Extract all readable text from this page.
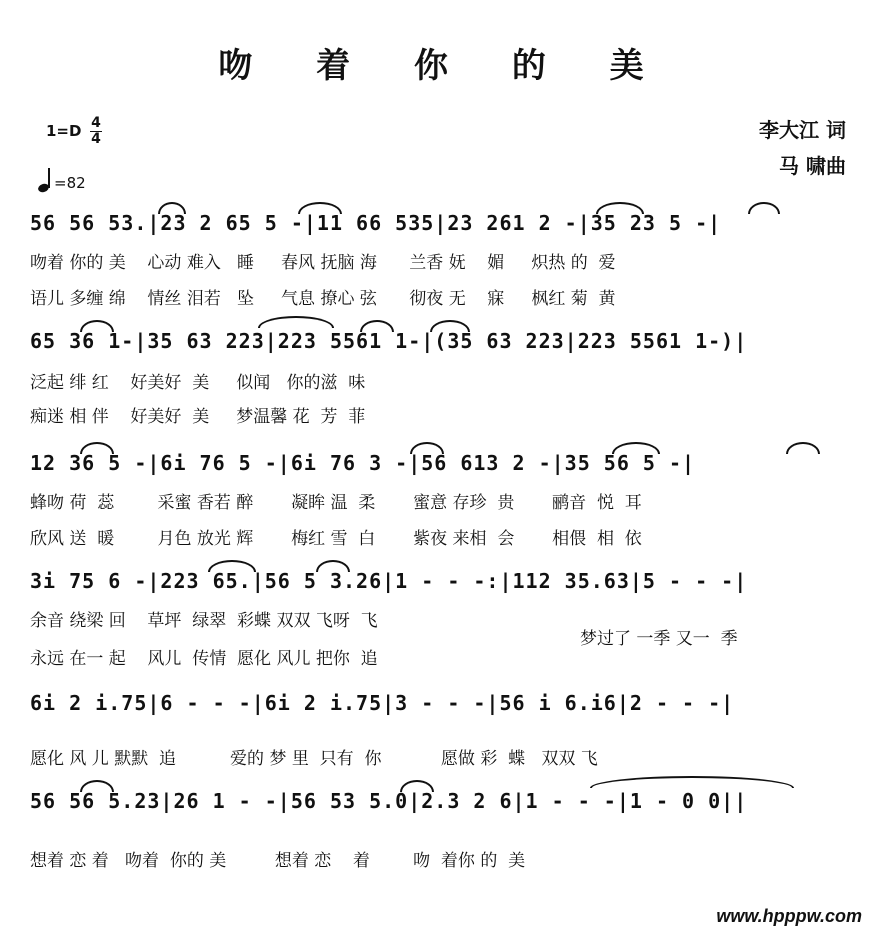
吻 着 你 的 美
1=D 4
4
=82
李大江 词
马 啸曲
56 56 53.|23 2 65 5 -|11 66 535|23 261 2 -|35 23 5 -|
吻着 你的 美    心动 难入   睡     春风 抚脑 海      兰香 妩    媚     炽热 的  爱
语儿 多缠 绵    情丝 泪若   坠     气息 撩心 弦      彻夜 无    寐     枫红 菊  黄
65 36 1-|35 63 223|223 5561 1-|(35 63 223|223 5561 1-)|
泛起 绯 红    好美好  美     似闻   你的滋  味
痴迷 相 伴    好美好  美     梦温馨 花  芳  菲
12 36 5 -|6i 76 5 -|6i 76 3 -|56 613 2 -|35 56 5 -|
蜂吻 荷  蕊        采蜜 香若 醉       凝眸 温  柔       蜜意 存珍  贵       鹂音  悦  耳
欣风 送  暖        月色 放光 辉       梅红 雪  白       紫夜 来相  会       相偎  相  依
3i 75 6 -|223 65.|56 5 3.26|1 - - -:|112 35.63|5 - - -|
余音 绕梁 回    草坪  绿翠  彩蝶 双双 飞呀  飞
永远 在一 起    风儿  传情  愿化 风儿 把你  追
梦过了 一季 又一  季
6i 2 i.75|6 - - -|6i 2 i.75|3 - - -|56 i 6.i6|2 - - -|
愿化 风 儿 默默  追          爱的 梦 里  只有  你           愿做 彩  蝶   双双 飞
56 56 5.23|26 1 - -|56 53 5.0|2.3 2 6|1 - - -|1 - 0 0||
想着 恋 着   吻着  你的 美         想着 恋    着        吻  着你 的  美
www.hpppw.com
